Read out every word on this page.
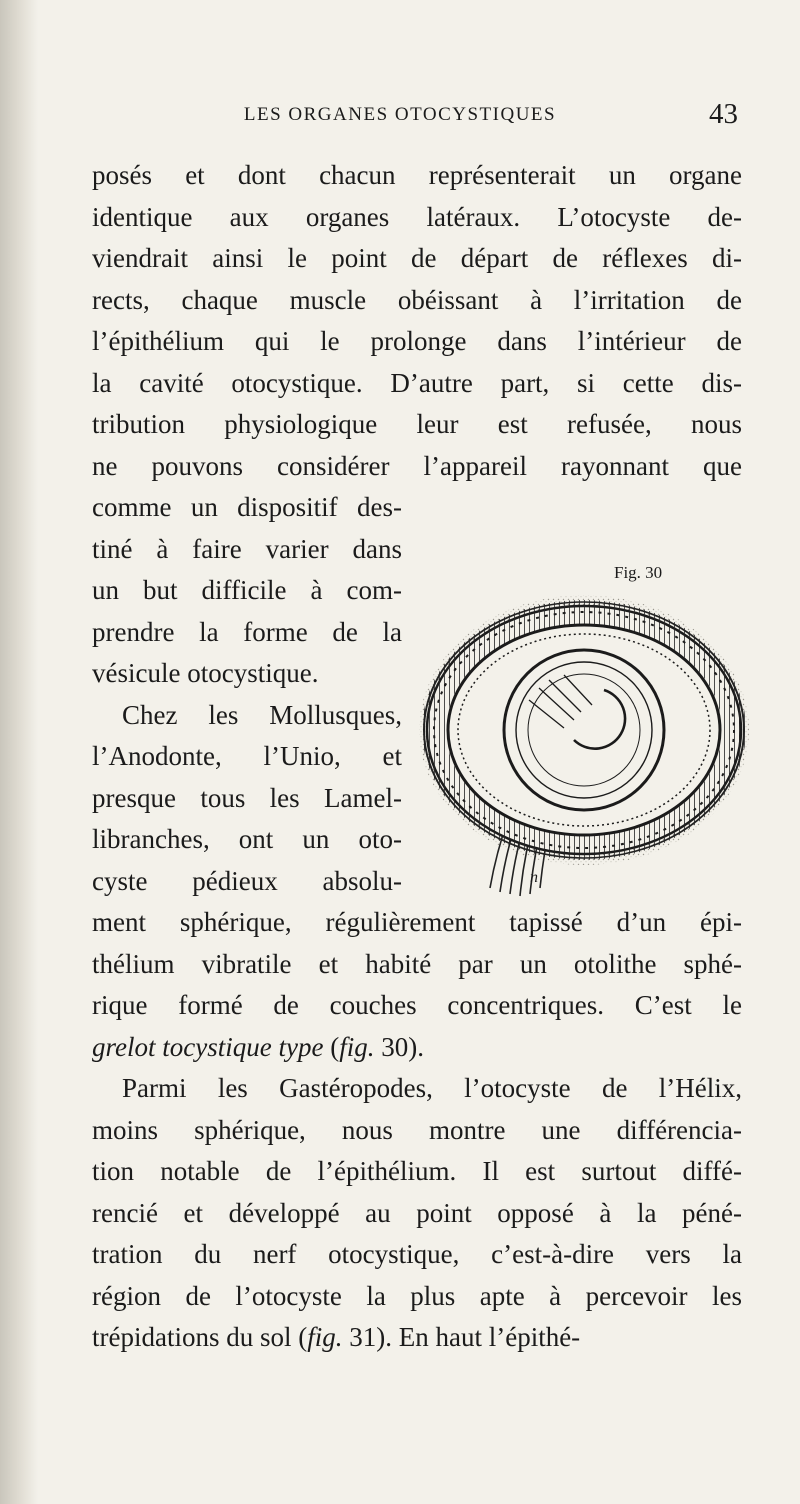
LES ORGANES OTOCYSTIQUES	43
Fig. 30
n
posés et dont chacun représenterait un organe
identique aux organes latéraux. L’otocyste de-
viendrait ainsi le point de départ de réflexes di-
rects, chaque muscle obéissant à l’irritation de
l’épithélium qui le prolonge dans l’intérieur de
la cavité otocystique. D’autre part, si cette dis-
tribution physiologique leur est refusée, nous
ne pouvons considérer l’appareil rayonnant que
comme un dispositif des-
tiné à faire varier dans
un but difficile à com-
prendre la forme de la
vésicule otocystique.
Chez les Mollusques,
l’Anodonte, l’Unio, et
presque tous les Lamel-
libranches, ont un oto-
cyste pédieux absolu-
ment sphérique, régulièrement tapissé d’un épi-
thélium vibratile et habité par un otolithe sphé-
rique formé de couches concentriques. C’est le
grelot tocystique type (fig. 30).
Parmi les Gastéropodes, l’otocyste de l’Hélix,
moins sphérique, nous montre une différencia-
tion notable de l’épithélium. Il est surtout diffé-
rencié et développé au point opposé à la péné-
tration du nerf otocystique, c’est-à-dire vers la
région de l’otocyste la plus apte à percevoir les
trépidations du sol (fig. 31). En haut l’épithé-
